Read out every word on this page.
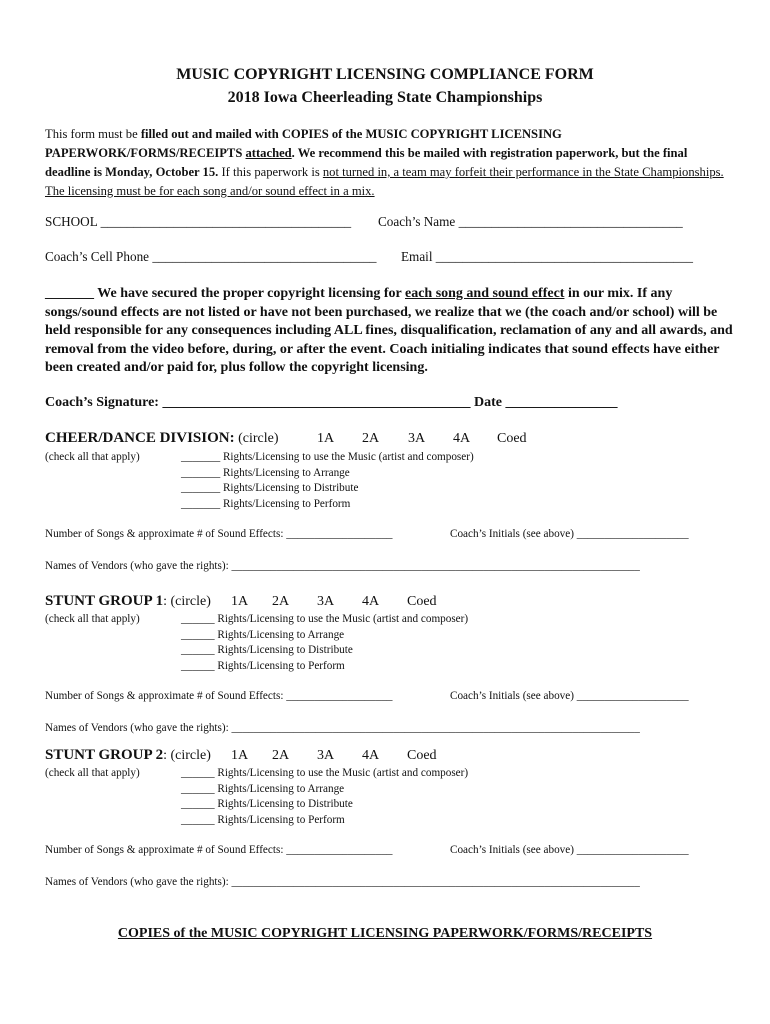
MUSIC COPYRIGHT LICENSING COMPLIANCE FORM
2018 Iowa Cheerleading State Championships
This form must be filled out and mailed with COPIES of the MUSIC COPYRIGHT LICENSING PAPERWORK/FORMS/RECEIPTS attached. We recommend this be mailed with registration paperwork, but the final deadline is Monday, October 15. If this paperwork is not turned in, a team may forfeit their performance in the State Championships. The licensing must be for each song and/or sound effect in a mix.
SCHOOL ______________________________________ Coach’s Name __________________________________
Coach’s Cell Phone __________________________________ Email _______________________________________
_______ We have secured the proper copyright licensing for each song and sound effect in our mix. If any songs/sound effects are not listed or have not been purchased, we realize that we (the coach and/or school) will be held responsible for any consequences including ALL fines, disqualification, reclamation of any and all awards, and removal from the video before, during, or after the event. Coach initialing indicates that sound effects have either been created and/or paid for, plus follow the copyright licensing.
Coach’s Signature: ____________________________________________ Date ________________
CHEER/DANCE DIVISION: (circle)	1A 2A 3A 4A Coed
(check all that apply)	_______ Rights/Licensing to use the Music (artist and composer)
_______ Rights/Licensing to Arrange
_______ Rights/Licensing to Distribute
_______ Rights/Licensing to Perform
Number of Songs & approximate # of Sound Effects: ___________________	Coach’s Initials (see above) ____________________
Names of Vendors (who gave the rights): _________________________________________________________________________
STUNT GROUP 1: (circle) 1A 2A 3A 4A Coed
(check all that apply)	______ Rights/Licensing to use the Music (artist and composer)
______ Rights/Licensing to Arrange
______ Rights/Licensing to Distribute
______ Rights/Licensing to Perform
Number of Songs & approximate # of Sound Effects: ___________________	Coach’s Initials (see above) ____________________
Names of Vendors (who gave the rights): _________________________________________________________________________
STUNT GROUP 2: (circle) 1A 2A 3A 4A Coed
(check all that apply)	______ Rights/Licensing to use the Music (artist and composer)
______ Rights/Licensing to Arrange
______ Rights/Licensing to Distribute
______ Rights/Licensing to Perform
Number of Songs & approximate # of Sound Effects: ___________________	Coach’s Initials (see above) ____________________
Names of Vendors (who gave the rights): _________________________________________________________________________
COPIES of the MUSIC COPYRIGHT LICENSING PAPERWORK/FORMS/RECEIPTS
